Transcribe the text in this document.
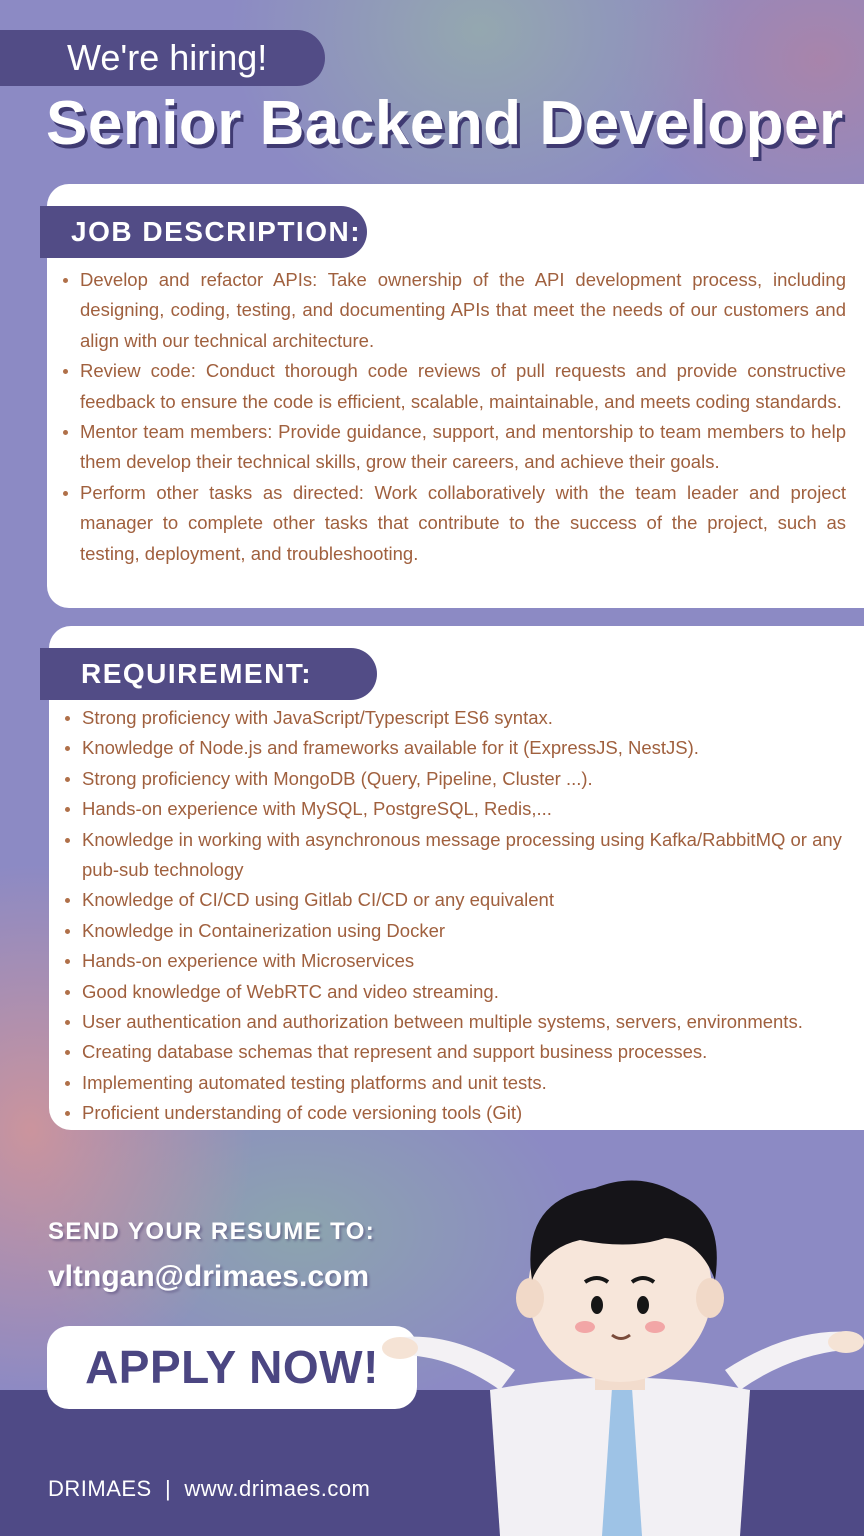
We're hiring!
Senior Backend Developer
JOB DESCRIPTION:
Develop and refactor APIs: Take ownership of the API development process, including designing, coding, testing, and documenting APIs that meet the needs of our customers and align with our technical architecture.
Review code: Conduct thorough code reviews of pull requests and provide constructive feedback to ensure the code is efficient, scalable, maintainable, and meets coding standards.
Mentor team members: Provide guidance, support, and mentorship to team members to help them develop their technical skills, grow their careers, and achieve their goals.
Perform other tasks as directed: Work collaboratively with the team leader and project manager to complete other tasks that contribute to the success of the project, such as testing, deployment, and troubleshooting.
REQUIREMENT:
Strong proficiency with JavaScript/Typescript ES6 syntax.
Knowledge of Node.js and frameworks available for it (ExpressJS, NestJS).
Strong proficiency with MongoDB (Query, Pipeline, Cluster ...).
Hands-on experience with MySQL, PostgreSQL, Redis,...
Knowledge in working with asynchronous message processing using Kafka/RabbitMQ or any pub-sub technology
Knowledge of CI/CD using Gitlab CI/CD or any equivalent
Knowledge in Containerization using Docker
Hands-on experience with Microservices
Good knowledge of WebRTC and video streaming.
User authentication and authorization between multiple systems, servers, environments.
Creating database schemas that represent and support business processes.
Implementing automated testing platforms and unit tests.
Proficient understanding of code versioning tools (Git)
SEND YOUR RESUME TO:
vltngan@drimaes.com
APPLY NOW!
DRIMAES  |  www.drimaes.com
